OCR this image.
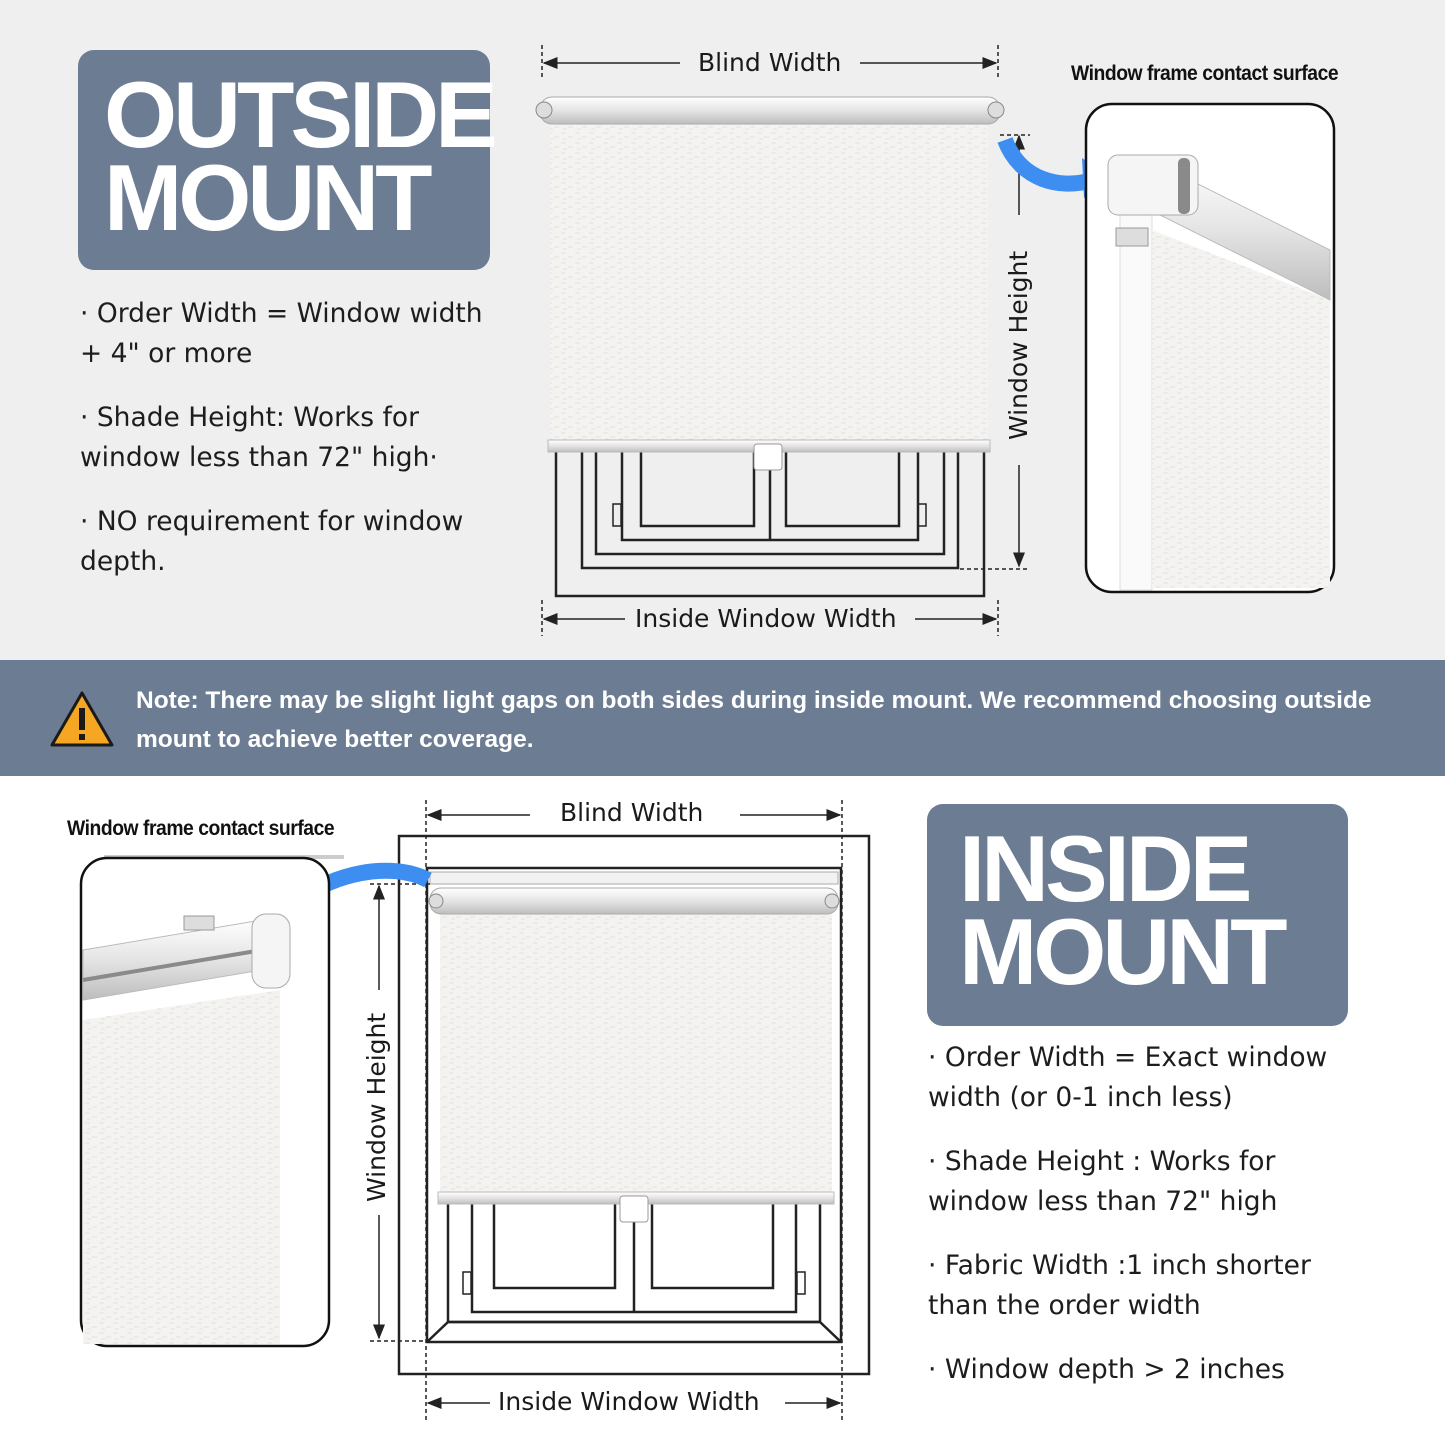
OUTSIDE
MOUNT

· Order Width = Window width + 4" or more

· Shade Height: Works for window less than 72" high·

· NO requirement for window depth.

Blind Width
Inside Window Width
Window Height
Window frame contact surface
Note: There may be slight light gaps on both sides during inside mount. We recommend choosing outside mount to achieve better coverage.
INSIDE
MOUNT

· Order Width = Exact window width (or 0-1 inch less)

· Shade Height : Works for window less than 72" high

· Fabric Width :1 inch shorter than the order width

· Window depth > 2 inches

Blind Width
Inside Window Width
Window Height
Window frame contact surface
